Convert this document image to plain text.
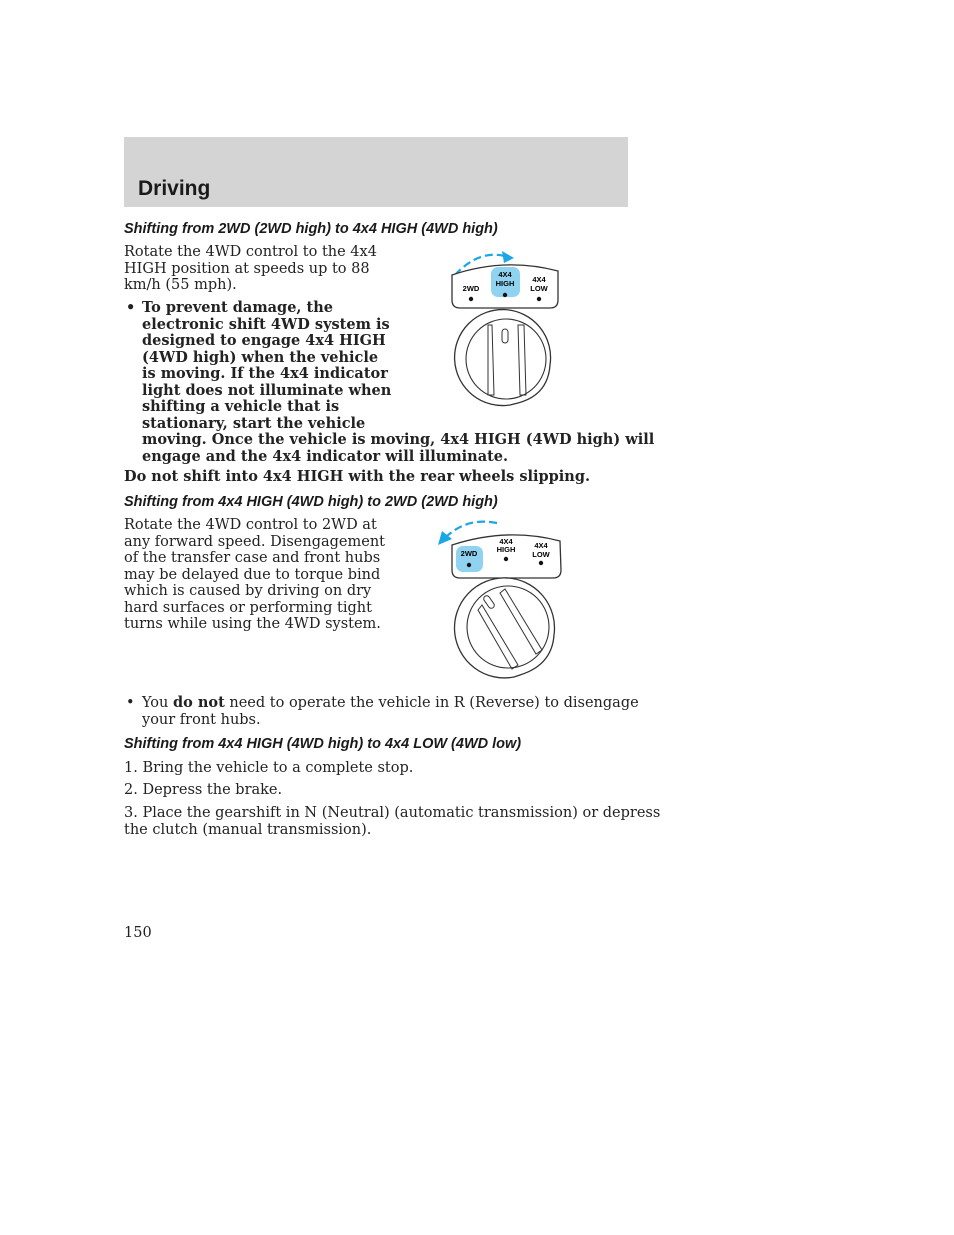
Driving
Shifting from 2WD (2WD high) to 4x4 HIGH (4WD high)
Rotate the 4WD control to the 4x4
HIGH position at speeds up to 88
km/h (55 mph).
• To prevent damage, the
electronic shift 4WD system is
designed to engage 4x4 HIGH
(4WD high) when the vehicle
is moving. If the 4x4 indicator
light does not illuminate when
shifting a vehicle that is
stationary, start the vehicle
moving. Once the vehicle is moving, 4x4 HIGH (4WD high) will
engage and the 4x4 indicator will illuminate.
Do not shift into 4x4 HIGH with the rear wheels slipping.
2WD
4X4
HIGH 4X4
LOW
Shifting from 4x4 HIGH (4WD high) to 2WD (2WD high)
Rotate the 4WD control to 2WD at
any forward speed. Disengagement
of the transfer case and front hubs
may be delayed due to torque bind
which is caused by driving on dry
hard surfaces or performing tight
turns while using the 4WD system.
2WD
4X4
HIGH	4X4
LOW
• You do not need to operate the vehicle in R (Reverse) to disengage
your front hubs.
Shifting from 4x4 HIGH (4WD high) to 4x4 LOW (4WD low)
1. Bring the vehicle to a complete stop.
2. Depress the brake.
3. Place the gearshift in N (Neutral) (automatic transmission) or depress
the clutch (manual transmission).
150
